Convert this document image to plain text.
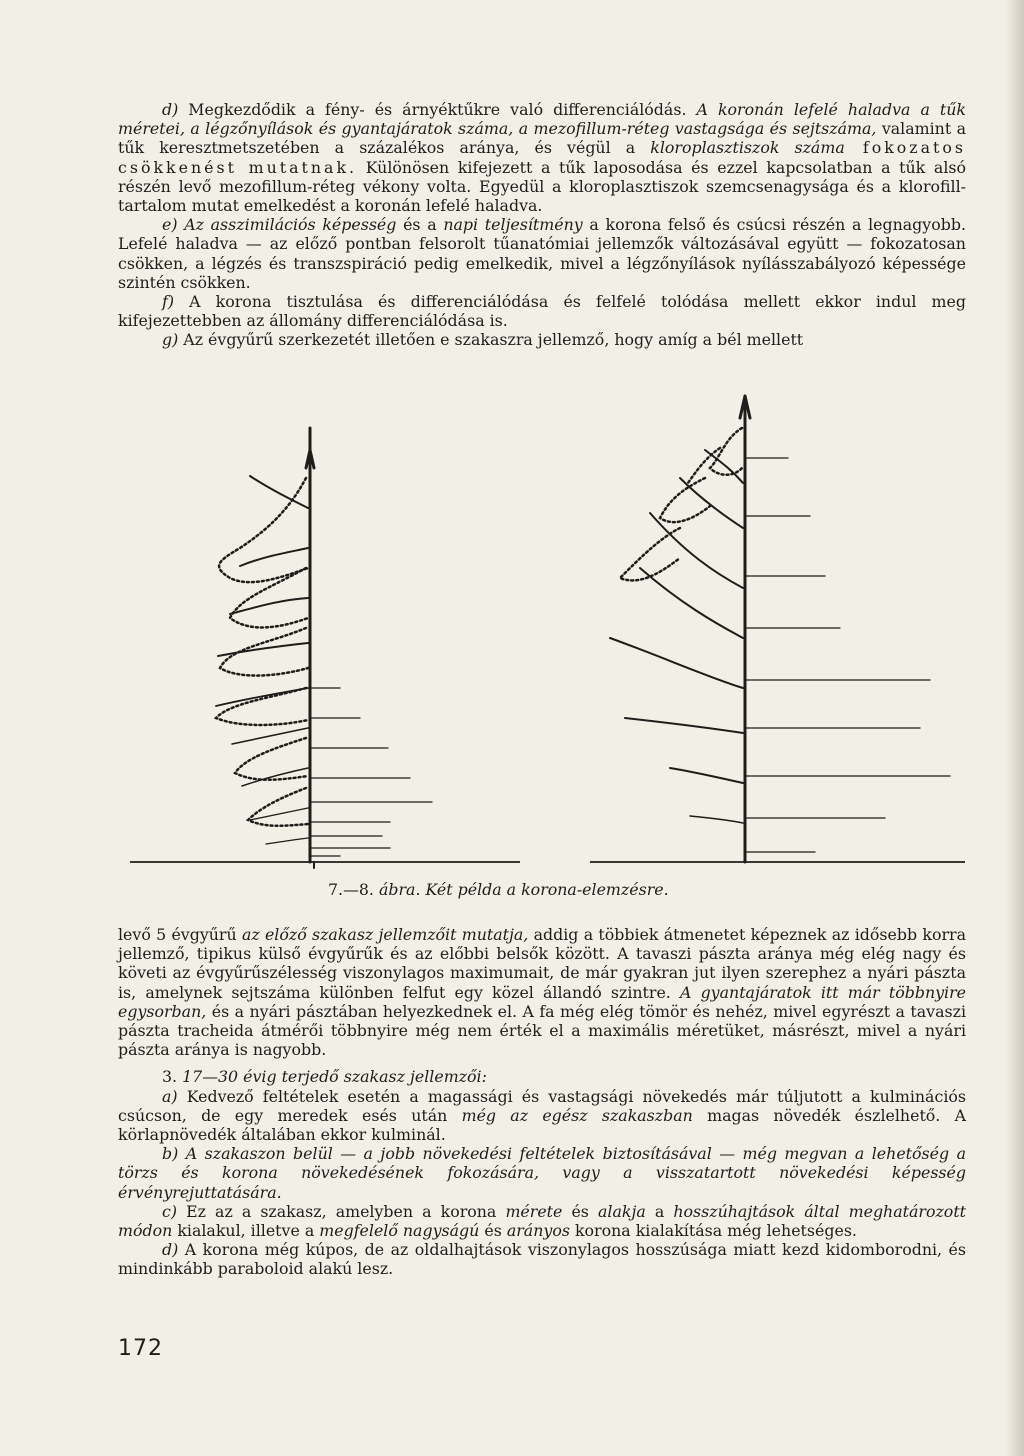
d) Megkezdődik a fény- és árnyéktűkre való differenciálódás. A koronán lefelé haladva a tűk méretei, a légzőnyílások és gyantajáratok száma, a mezofillum-réteg vastagsága és sejtszáma, valamint a tűk keresztmetszetében a százalékos aránya, és végül a kloroplasztiszok száma fokozatos csökkenést mutatnak. Különösen kifejezett a tűk laposodása és ezzel kapcsolatban a tűk alsó részén levő mezofillum-réteg vékony volta. Egyedül a kloroplasztiszok szemcsenagysága és a klorofill-tartalom mutat emelkedést a koronán lefelé haladva.

e) Az asszimilációs képesség és a napi teljesítmény a korona felső és csúcsi részén a legnagyobb. Lefelé haladva — az előző pontban felsorolt tűanatómiai jellemzők változásával együtt — fokozatosan csökken, a légzés és transzspiráció pedig emelkedik, mivel a légzőnyílások nyílásszabályozó képessége szintén csökken.

f) A korona tisztulása és differenciálódása és felfelé tolódása mellett ekkor indul meg kifejezettebben az állomány differenciálódása is.

g) Az évgyűrű szerkezetét illetően e szakaszra jellemző, hogy amíg a bél mellett

7.—8. ábra. Két példa a korona-elemzésre.

levő 5 évgyűrű az előző szakasz jellemzőit mutatja, addig a többiek átmenetet képeznek az idősebb korra jellemző, tipikus külső évgyűrűk és az előbbi belsők között. A tavaszi pászta aránya még elég nagy és követi az évgyűrűszélesség viszonylagos maximumait, de már gyakran jut ilyen szerephez a nyári pászta is, amelynek sejtszáma különben felfut egy közel állandó szintre. A gyantajáratok itt már többnyire egysorban, és a nyári pásztában helyezkednek el. A fa még elég tömör és nehéz, mivel egyrészt a tavaszi pászta tracheida átmérői többnyire még nem érték el a maximális méretüket, másrészt, mivel a nyári pászta aránya is nagyobb.

3. 17—30 évig terjedő szakasz jellemzői:

a) Kedvező feltételek esetén a magassági és vastagsági növekedés már túljutott a kulminációs csúcson, de egy meredek esés után még az egész szakaszban magas növedék észlelhető. A körlapnövedék általában ekkor kulminál.

b) A szakaszon belül — a jobb növekedési feltételek biztosításával — még megvan a lehetőség a törzs és korona növekedésének fokozására, vagy a visszatartott növekedési képesség érvényrejuttatására.

c) Ez az a szakasz, amelyben a korona mérete és alakja a hosszúhajtások által meghatározott módon kialakul, illetve a megfelelő nagyságú és arányos korona kialakítása még lehetséges.

d) A korona még kúpos, de az oldalhajtások viszonylagos hosszúsága miatt kezd kidomborodni, és mindinkább paraboloid alakú lesz.

172
